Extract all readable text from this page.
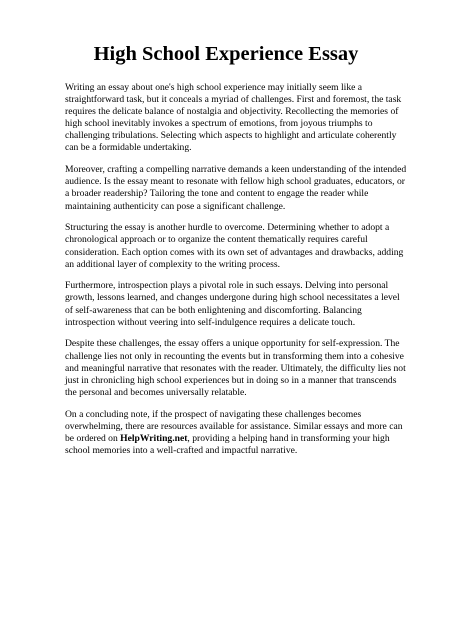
High School Experience Essay

Writing an essay about one's high school experience may initially seem like a straightforward task, but it conceals a myriad of challenges. First and foremost, the task requires the delicate balance of nostalgia and objectivity. Recollecting the memories of high school inevitably invokes a spectrum of emotions, from joyous triumphs to challenging tribulations. Selecting which aspects to highlight and articulate coherently can be a formidable undertaking.

Moreover, crafting a compelling narrative demands a keen understanding of the intended audience. Is the essay meant to resonate with fellow high school graduates, educators, or a broader readership? Tailoring the tone and content to engage the reader while maintaining authenticity can pose a significant challenge.

Structuring the essay is another hurdle to overcome. Determining whether to adopt a chronological approach or to organize the content thematically requires careful consideration. Each option comes with its own set of advantages and drawbacks, adding an additional layer of complexity to the writing process.

Furthermore, introspection plays a pivotal role in such essays. Delving into personal growth, lessons learned, and changes undergone during high school necessitates a level of self-awareness that can be both enlightening and discomforting. Balancing introspection without veering into self-indulgence requires a delicate touch.

Despite these challenges, the essay offers a unique opportunity for self-expression. The challenge lies not only in recounting the events but in transforming them into a cohesive and meaningful narrative that resonates with the reader. Ultimately, the difficulty lies not just in chronicling high school experiences but in doing so in a manner that transcends the personal and becomes universally relatable.

On a concluding note, if the prospect of navigating these challenges becomes overwhelming, there are resources available for assistance. Similar essays and more can be ordered on HelpWriting.net, providing a helping hand in transforming your high school memories into a well-crafted and impactful narrative.
